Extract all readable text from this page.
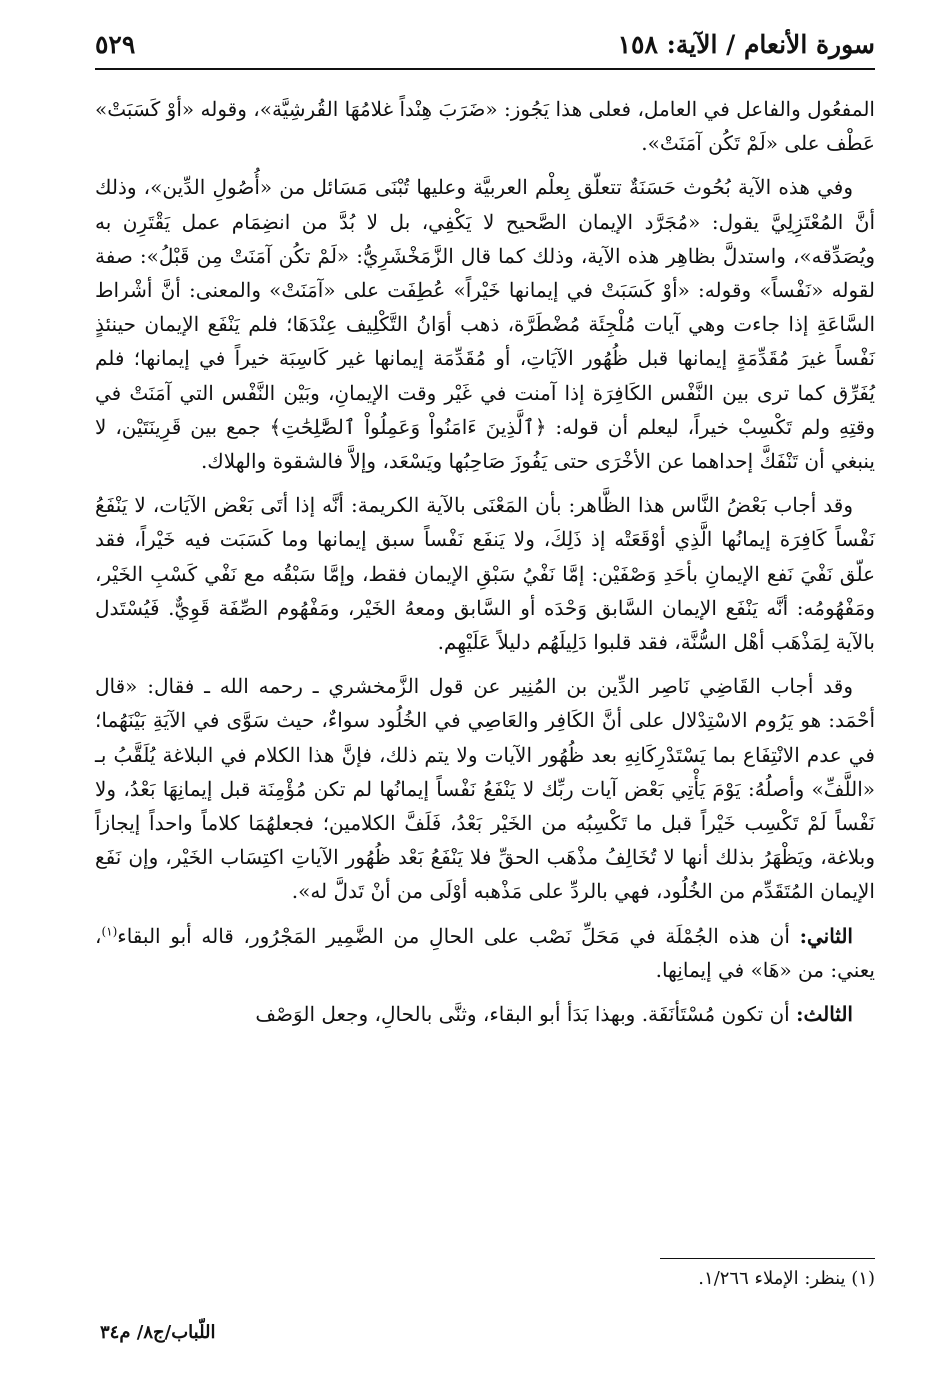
سورة الأنعام / الآية: ١٥٨
٥٢٩

المفعُول والفاعل في العامل، فعلى هذا يَجُوز: «ضَرَبَ هِنْداً غلامُهَا القُرشِيَّة»، وقوله «أوْ كَسَبَتْ» عَطْف على «لَمْ تَكُن آمَنَتْ».

وفي هذه الآية بُحُوث حَسَنَةٌ تتعلّق بِعلْم العربيَّة وعليها تُبْنَى مَسَائل من «أُصُولِ الدِّين»، وذلك أنَّ المُعْتَزِلِيَّ يقول: «مُجَرَّد الإيمان الصَّحيح لا يَكْفِي، بل لا بُدَّ من انضِمَام عمل يَقْتَرِن به ويُصَدِّقه»، واستدلَّ بظاهِر هذه الآية، وذلك كما قال الزَّمَخْشَرِيُّ: «لَمْ تكُن آمَنَتْ مِن قَبْلُ»: صفة لقوله «نَفْساً» وقوله: «أوْ كَسَبَتْ في إيمانها خَيْراً» عُطِفَت على «آمَنَتْ» والمعنى: أنَّ أشْراط السَّاعَةِ إذا جاءت وهي آيات مُلْجِئَة مُضْطَرَّة، ذهب أوَانُ التَّكْلِيف عِنْدَهَا؛ فلم يَنْفَع الإيمان حينئذٍ نَفْساً غيرَ مُقَدِّمَةٍ إيمانها قبل ظُهُور الآيَاتِ، أو مُقَدِّمَة إيمانها غير كَاسِبَة خيراً في إيمانها؛ فلم يُفَرِّق كما ترى بين النَّفْس الكَافِرَة إذا آمنت في غَيْر وقت الإيمانِ، وبَيْن النَّفْس التي آمَنَتْ في وقتِهِ ولم تَكْسِبْ خيراً، ليعلم أن قوله: ﴿ٱلَّذِينَ ءَامَنُواْ وَعَمِلُواْ ٱلصَّٰلِحَٰتِ﴾ جمع بين قَرِينَتَيْن، لا ينبغي أن تَنْفَكَّ إحداهما عن الأخْرَى حتى يَفُوزَ صَاحِبُها ويَسْعَد، وإلاَّ فالشقوة والهلاك.

وقد أجاب بَعْضُ النَّاس هذا الظَّاهر: بأن المَعْنَى بالآية الكريمة: أنَّه إذا أتَى بَعْض الآيَات، لا يَنْفَعُ نَفْساً كَافِرَة إيمانُها الَّذِي أوْقَعَتْه إذ ذَلِكَ، ولا يَنفَع نَفْساً سبق إيمانها وما كَسَبَت فيه خَيْراً، فقد علّق نَفْيَ نَفع الإيمانِ بأحَدِ وَصْفَيْن: إمَّا نَفْيُ سَبْقِ الإيمان فقط، وإمَّا سَبْقُه مع نَفْي كَسْبِ الخَيْر، ومَفْهُومُه: أنَّه يَنْفَع الإيمان السَّابق وَحْدَه أو السَّابق ومعهُ الخَيْر، ومَفْهُوم الصِّفَة قَوِيٌّ. فَيُسْتَدل بالآية لِمَذْهَب أهْل السُّنَّة، فقد قلبوا دَلِيلَهُم دليلاً عَلَيْهِم.

وقد أجاب القَاضِي نَاصِر الدِّين بن المُنِير عن قول الزَّمخشري ـ رحمه الله ـ فقال: «قال أحْمَد: هو يَرُوم الاسْتِدْلال على أنَّ الكَافِر والعَاصِي في الخُلُود سواءٌ، حيث سَوَّى في الآيَةِ بَيْنَهُما؛ في عدم الانْتِفَاع بما يَسْتَدْرِكَانِهِ بعد ظُهُور الآيات ولا يتم ذلك، فإنَّ هذا الكلام في البلاغة يُلَقَّبُ بـ «اللَّفِّ» وأصلُهُ: يَوْمَ يَأْتِي بَعْض آيات ربِّك لا يَنْفَعُ نَفْساً إيمانُها لم تكن مُؤْمِنَة قبل إيمانِهَا بَعْدُ، ولا نَفْساً لَمْ تَكْسِب خَيْراً قبل ما تَكْسِبُه من الخَيْر بَعْدُ، فَلَفَّ الكلامين؛ فجعلهُمَا كلاماً واحداً إيجازاً وبلاغة، ويَظْهَرُ بذلك أنها لا تُخَالِفُ مذْهَب الحقِّ فلا يَنْفَعُ بَعْد ظُهُور الآياتِ اكتِسَاب الخَيْر، وإن نَفَع الإيمان المُتَقَدِّم من الخُلُود، فهي بالردِّ على مَذْهبه أوْلَى من أنْ تَدلَّ له».

الثاني: أن هذه الجُمْلَة في مَحَلِّ نَصْب على الحالِ من الضَّمِير المَجْرُور، قاله أبو البقاء$^{(١)}$، يعني: من «هَا» في إيمانِها.

الثالث: أن تكون مُسْتَأنَفَة. وبهذا بَدَأ أبو البقاء، وثنَّى بالحالِ، وجعل الوَصْف

(١) ينظر: الإملاء ١/٢٦٦.
اللّباب/ج٨/ م٣٤
